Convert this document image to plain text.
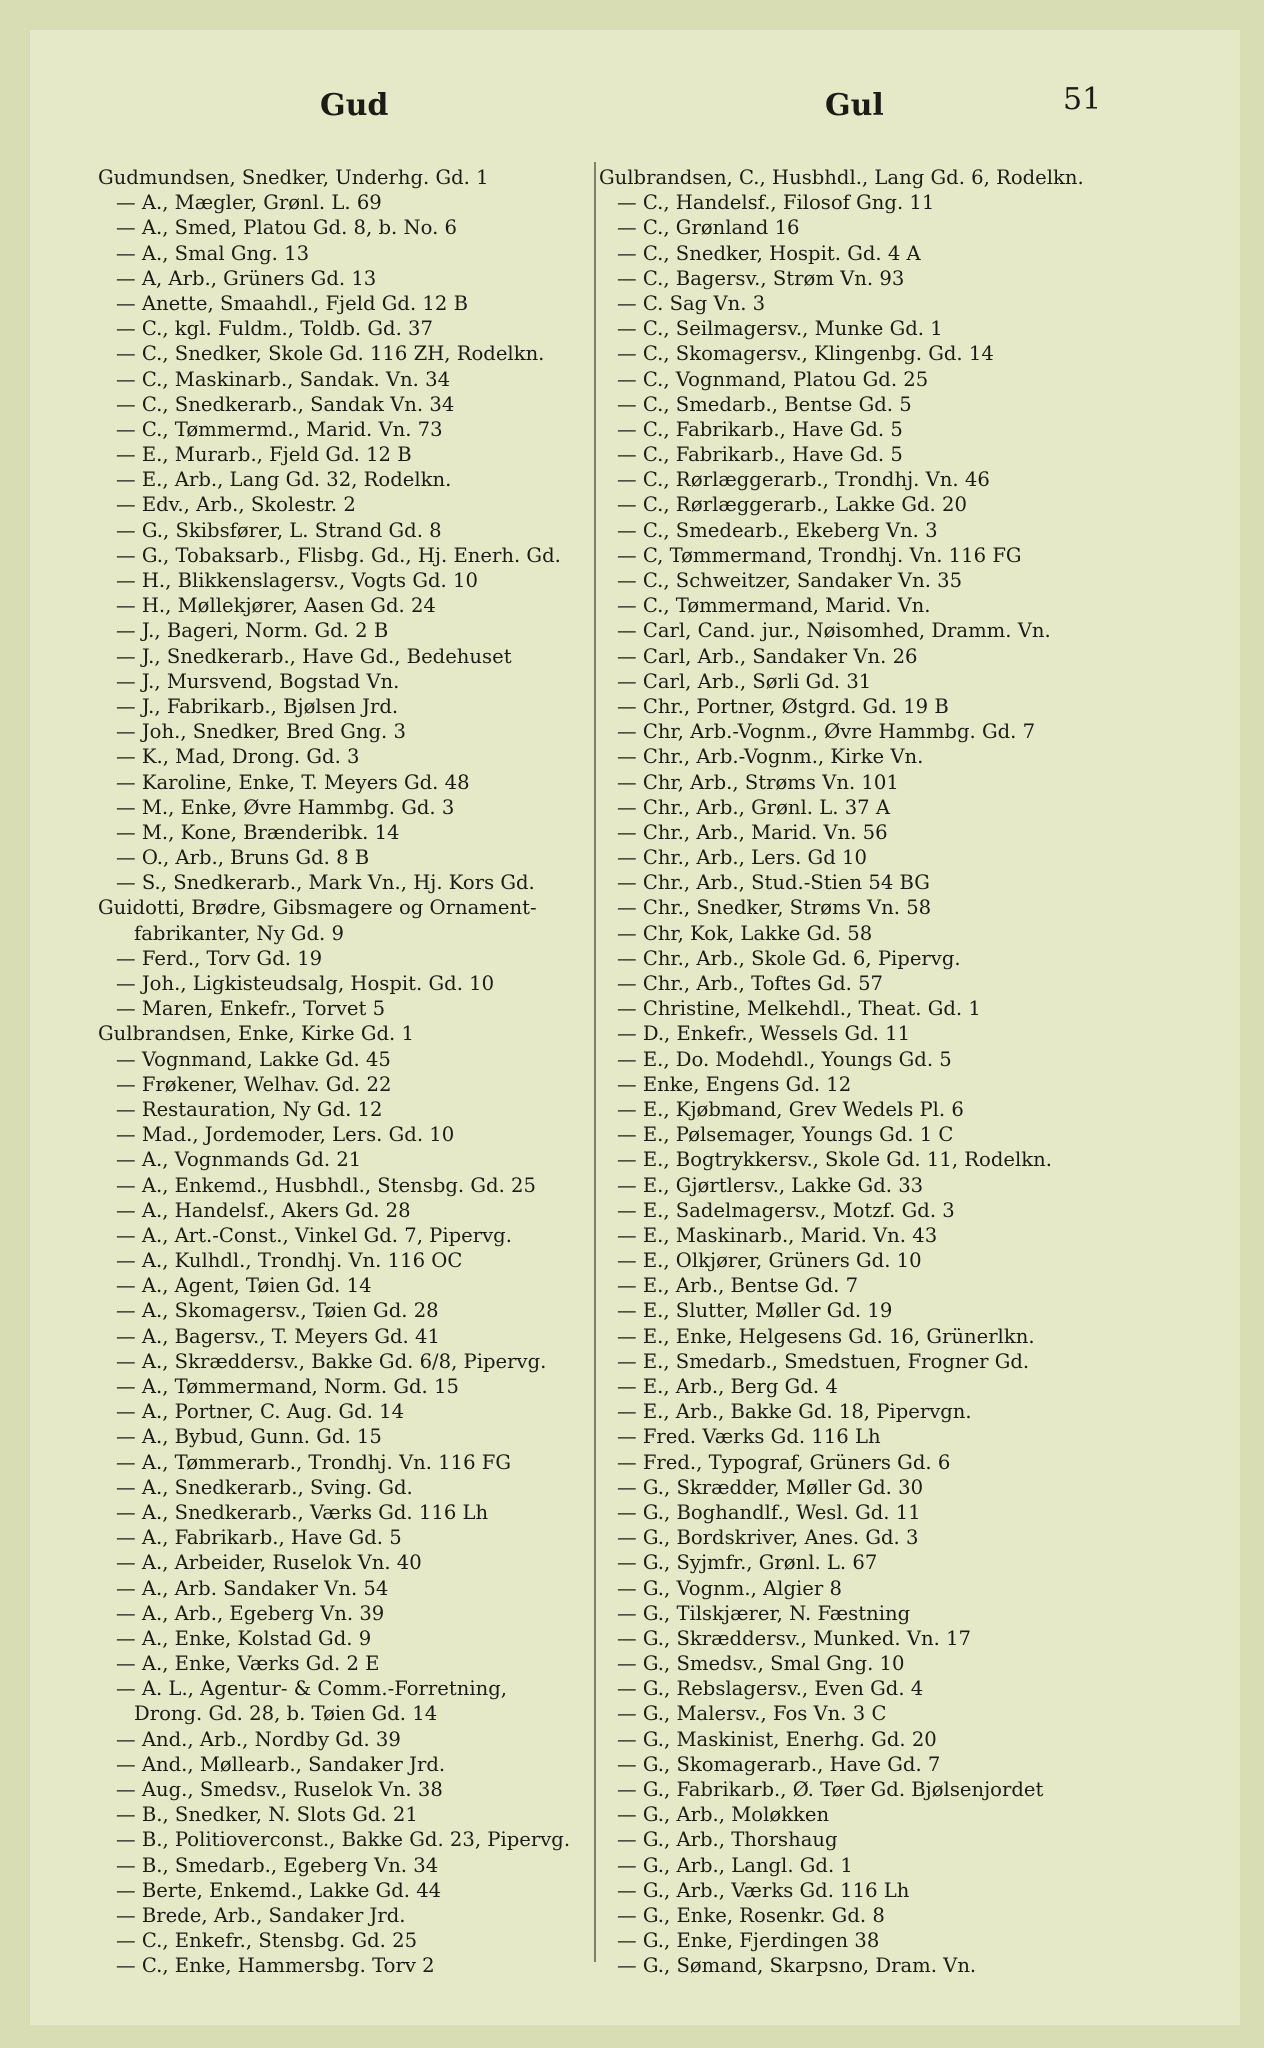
Gud	Gul	51
Gudmundsen, Snedker, Underhg. Gd. 1
— A., Mægler, Grønl. L. 69
— A., Smed, Platou Gd. 8, b. No. 6
— A., Smal Gng. 13
— A, Arb., Grüners Gd. 13
— Anette, Smaahdl., Fjeld Gd. 12 B
— C., kgl. Fuldm., Toldb. Gd. 37
— C., Snedker, Skole Gd. 116 ZH, Rodelkn.
— C., Maskinarb., Sandak. Vn. 34
— C., Snedkerarb., Sandak Vn. 34
— C., Tømmermd., Marid. Vn. 73
— E., Murarb., Fjeld Gd. 12 B
— E., Arb., Lang Gd. 32, Rodelkn.
— Edv., Arb., Skolestr. 2
— G., Skibsfører, L. Strand Gd. 8
— G., Tobaksarb., Flisbg. Gd., Hj. Enerh. Gd.
— H., Blikkenslagersv., Vogts Gd. 10
— H., Møllekjører, Aasen Gd. 24
— J., Bageri, Norm. Gd. 2 B
— J., Snedkerarb., Have Gd., Bedehuset
— J., Mursvend, Bogstad Vn.
— J., Fabrikarb., Bjølsen Jrd.
— Joh., Snedker, Bred Gng. 3
— K., Mad, Drong. Gd. 3
— Karoline, Enke, T. Meyers Gd. 48
— M., Enke, Øvre Hammbg. Gd. 3
— M., Kone, Brænderibk. 14
— O., Arb., Bruns Gd. 8 B
— S., Snedkerarb., Mark Vn., Hj. Kors Gd.
Guidotti, Brødre, Gibsmagere og Ornament-
fabrikanter, Ny Gd. 9
— Ferd., Torv Gd. 19
— Joh., Ligkisteudsalg, Hospit. Gd. 10
— Maren, Enkefr., Torvet 5
Gulbrandsen, Enke, Kirke Gd. 1
— Vognmand, Lakke Gd. 45
— Frøkener, Welhav. Gd. 22
— Restauration, Ny Gd. 12
— Mad., Jordemoder, Lers. Gd. 10
— A., Vognmands Gd. 21
— A., Enkemd., Husbhdl., Stensbg. Gd. 25
— A., Handelsf., Akers Gd. 28
— A., Art.-Const., Vinkel Gd. 7, Pipervg.
— A., Kulhdl., Trondhj. Vn. 116 OC
— A., Agent, Tøien Gd. 14
— A., Skomagersv., Tøien Gd. 28
— A., Bagersv., T. Meyers Gd. 41
— A., Skræddersv., Bakke Gd. 6/8, Pipervg.
— A., Tømmermand, Norm. Gd. 15
— A., Portner, C. Aug. Gd. 14
— A., Bybud, Gunn. Gd. 15
— A., Tømmerarb., Trondhj. Vn. 116 FG
— A., Snedkerarb., Sving. Gd.
— A., Snedkerarb., Værks Gd. 116 Lh
— A., Fabrikarb., Have Gd. 5
— A., Arbeider, Ruselok Vn. 40
— A., Arb. Sandaker Vn. 54
— A., Arb., Egeberg Vn. 39
— A., Enke, Kolstad Gd. 9
— A., Enke, Værks Gd. 2 E
— A. L., Agentur- & Comm.-Forretning,
Drong. Gd. 28, b. Tøien Gd. 14
— And., Arb., Nordby Gd. 39
— And., Møllearb., Sandaker Jrd.
— Aug., Smedsv., Ruselok Vn. 38
— B., Snedker, N. Slots Gd. 21
— B., Politioverconst., Bakke Gd. 23, Pipervg.
— B., Smedarb., Egeberg Vn. 34
— Berte, Enkemd., Lakke Gd. 44
— Brede, Arb., Sandaker Jrd.
— C., Enkefr., Stensbg. Gd. 25
— C., Enke, Hammersbg. Torv 2
Gulbrandsen, C., Husbhdl., Lang Gd. 6, Rodelkn.
— C., Handelsf., Filosof Gng. 11
— C., Grønland 16
— C., Snedker, Hospit. Gd. 4 A
— C., Bagersv., Strøm Vn. 93
— C. Sag Vn. 3
— C., Seilmagersv., Munke Gd. 1
— C., Skomagersv., Klingenbg. Gd. 14
— C., Vognmand, Platou Gd. 25
— C., Smedarb., Bentse Gd. 5
— C., Fabrikarb., Have Gd. 5
— C., Fabrikarb., Have Gd. 5
— C., Rørlæggerarb., Trondhj. Vn. 46
— C., Rørlæggerarb., Lakke Gd. 20
— C., Smedearb., Ekeberg Vn. 3
— C, Tømmermand, Trondhj. Vn. 116 FG
— C., Schweitzer, Sandaker Vn. 35
— C., Tømmermand, Marid. Vn.
— Carl, Cand. jur., Nøisomhed, Dramm. Vn.
— Carl, Arb., Sandaker Vn. 26
— Carl, Arb., Sørli Gd. 31
— Chr., Portner, Østgrd. Gd. 19 B
— Chr, Arb.-Vognm., Øvre Hammbg. Gd. 7
— Chr., Arb.-Vognm., Kirke Vn.
— Chr, Arb., Strøms Vn. 101
— Chr., Arb., Grønl. L. 37 A
— Chr., Arb., Marid. Vn. 56
— Chr., Arb., Lers. Gd 10
— Chr., Arb., Stud.-Stien 54 BG
— Chr., Snedker, Strøms Vn. 58
— Chr, Kok, Lakke Gd. 58
— Chr., Arb., Skole Gd. 6, Pipervg.
— Chr., Arb., Toftes Gd. 57
— Christine, Melkehdl., Theat. Gd. 1
— D., Enkefr., Wessels Gd. 11
— E., Do. Modehdl., Youngs Gd. 5
— Enke, Engens Gd. 12
— E., Kjøbmand, Grev Wedels Pl. 6
— E., Pølsemager, Youngs Gd. 1 C
— E., Bogtrykkersv., Skole Gd. 11, Rodelkn.
— E., Gjørtlersv., Lakke Gd. 33
— E., Sadelmagersv., Motzf. Gd. 3
— E., Maskinarb., Marid. Vn. 43
— E., Olkjører, Grüners Gd. 10
— E., Arb., Bentse Gd. 7
— E., Slutter, Møller Gd. 19
— E., Enke, Helgesens Gd. 16, Grünerlkn.
— E., Smedarb., Smedstuen, Frogner Gd.
— E., Arb., Berg Gd. 4
— E., Arb., Bakke Gd. 18, Pipervgn.
— Fred. Værks Gd. 116 Lh
— Fred., Typograf, Grüners Gd. 6
— G., Skrædder, Møller Gd. 30
— G., Boghandlf., Wesl. Gd. 11
— G., Bordskriver, Anes. Gd. 3
— G., Syjmfr., Grønl. L. 67
— G., Vognm., Algier 8
— G., Tilskjærer, N. Fæstning
— G., Skræddersv., Munked. Vn. 17
— G., Smedsv., Smal Gng. 10
— G., Rebslagersv., Even Gd. 4
— G., Malersv., Fos Vn. 3 C
— G., Maskinist, Enerhg. Gd. 20
— G., Skomagerarb., Have Gd. 7
— G., Fabrikarb., Ø. Tøer Gd. Bjølsenjordet
— G., Arb., Moløkken
— G., Arb., Thorshaug
— G., Arb., Langl. Gd. 1
— G., Arb., Værks Gd. 116 Lh
— G., Enke, Rosenkr. Gd. 8
— G., Enke, Fjerdingen 38
— G., Sømand, Skarpsno, Dram. Vn.
